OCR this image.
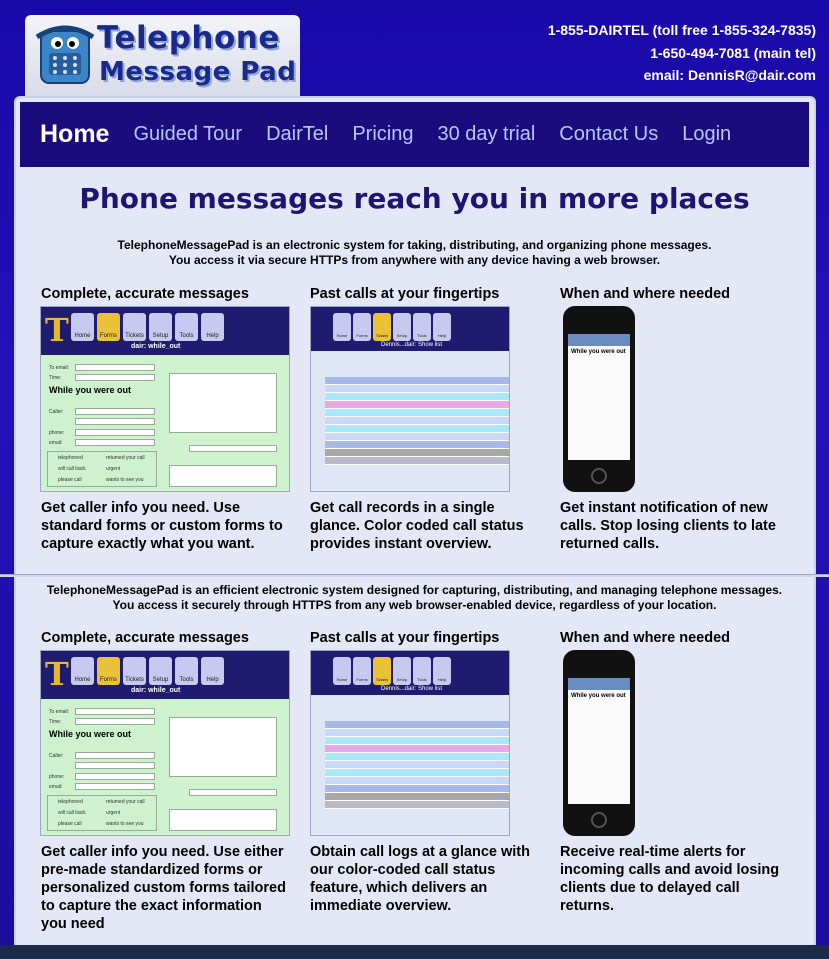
Telephone
Message Pad
1-855-DAIRTEL (toll free 1-855-324-7835)
1-650-494-7081 (main tel)
email: DennisR@dair.com
Home Guided Tour DairTel Pricing 30 day trial Contact Us Login
Phone messages reach you in more places
TelephoneMessagePad is an electronic system for taking, distributing, and organizing phone messages.
You access it via secure HTTPs from anywhere with any device having a web browser.
Complete, accurate messages	Past calls at your fingertips	When and where needed
T Home	Forms	Tickets	Setup	Tools	Help
dair: while_out
To email:
Time:
While you were out
Caller:
phone:
email:
telephoned
will call back
please call
returned your call
urgent
wants to see you
Home	Forms	Tickets	Setup	Tools	Help
Dennis...dair: Show list
While you were out
Get caller info you need. Use standard forms or custom forms to capture exactly what you want.
Get call records in a single glance. Color coded call status provides instant overview.
Get instant notification of new calls. Stop losing clients to late returned calls.
TelephoneMessagePad is an efficient electronic system designed for capturing, distributing, and managing telephone messages.
You access it securely through HTTPS from any web browser-enabled device, regardless of your location.
Complete, accurate messages	Past calls at your fingertips	When and where needed
T Home	Forms	Tickets	Setup	Tools	Help
dair: while_out
To email:
Time:
While you were out
Caller:
phone:
email:
telephoned
will call back
please call
returned your call
urgent
wants to see you
Home	Forms	Tickets	Setup	Tools	Help
Dennis...dair: Show list
While you were out
Get caller info you need. Use either pre-made standardized forms or personalized custom forms tailored to capture the exact information you need
Obtain call logs at a glance with our color-coded call status feature, which delivers an immediate overview.
Receive real-time alerts for incoming calls and avoid losing clients due to delayed call returns.
